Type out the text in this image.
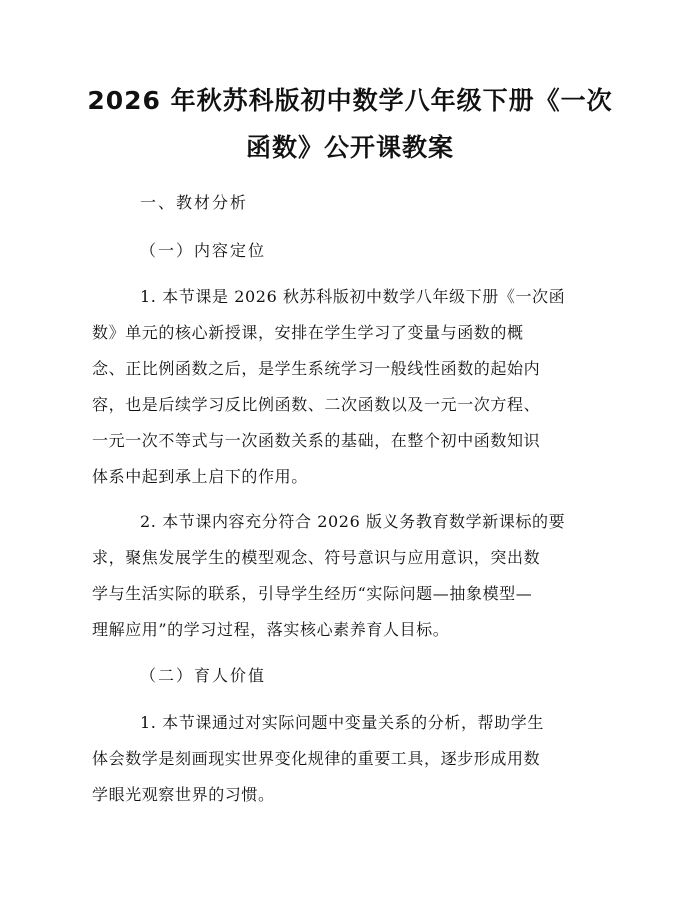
2026 年秋苏科版初中数学八年级下册《一次
函数》公开课教案
一、教材分析
（一）内容定位
1. 本节课是 2026 秋苏科版初中数学八年级下册《一次函
数》单元的核心新授课，安排在学生学习了变量与函数的概
念、正比例函数之后，是学生系统学习一般线性函数的起始内
容，也是后续学习反比例函数、二次函数以及一元一次方程、
一元一次不等式与一次函数关系的基础，在整个初中函数知识
体系中起到承上启下的作用。
2. 本节课内容充分符合 2026 版义务教育数学新课标的要
求，聚焦发展学生的模型观念、符号意识与应用意识，突出数
学与生活实际的联系，引导学生经历“实际问题—抽象模型—
理解应用”的学习过程，落实核心素养育人目标。
（二）育人价值
1. 本节课通过对实际问题中变量关系的分析，帮助学生
体会数学是刻画现实世界变化规律的重要工具，逐步形成用数
学眼光观察世界的习惯。
